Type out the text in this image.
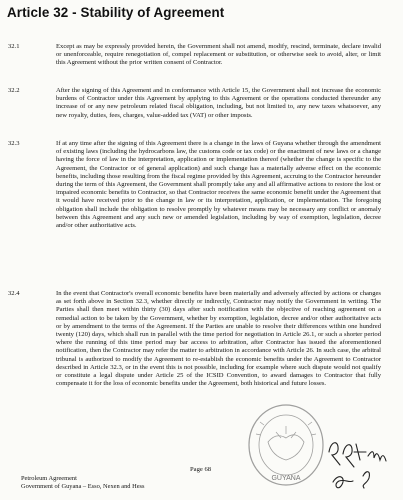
Article 32 - Stability of Agreement
32.1	Except as may be expressly provided herein, the Government shall not amend, modify, rescind, terminate, declare invalid or unenforceable, require renegotiation of, compel replacement or substitution, or otherwise seek to avoid, alter, or limit this Agreement without the prior written consent of Contractor.

32.2	After the signing of this Agreement and in conformance with Article 15, the Government shall not increase the economic burdens of Contractor under this Agreement by applying to this Agreement or the operations conducted thereunder any increase of or any new petroleum related fiscal obligation, including, but not limited to, any new taxes whatsoever, any new royalty, duties, fees, charges, value-added tax (VAT) or other imposts.

32.3	If at any time after the signing of this Agreement there is a change in the laws of Guyana whether through the amendment of existing laws (including the hydrocarbons law, the customs code or tax code) or the enactment of new laws or a change having the force of law in the interpretation, application or implementation thereof (whether the change is specific to the Agreement, the Contractor or of general application) and such change has a materially adverse effect on the economic benefits, including those resulting from the fiscal regime provided by this Agreement, accruing to the Contractor hereunder during the term of this Agreement, the Government shall promptly take any and all affirmative actions to restore the lost or impaired economic benefits to Contractor, so that Contractor receives the same economic benefit under the Agreement that it would have received prior to the change in law or its interpretation, application, or implementation. The foregoing obligation shall include the obligation to resolve promptly by whatever means may be necessary any conflict or anomaly between this Agreement and any such new or amended legislation, including by way of exemption, legislation, decree and/or other authoritative acts.

32.4	In the event that Contractor's overall economic benefits have been materially and adversely affected by actions or changes as set forth above in Section 32.3, whether directly or indirectly, Contractor may notify the Government in writing. The Parties shall then meet within thirty (30) days after such notification with the objective of reaching agreement on a remedial action to be taken by the Government, whether by exemption, legislation, decree and/or other authoritative acts or by amendment to the terms of the Agreement. If the Parties are unable to resolve their differences within one hundred twenty (120) days, which shall run in parallel with the time period for negotiation in Article 26.1, or such a shorter period where the running of this time period may bar access to arbitration, after Contractor has issued the aforementioned notification, then the Contractor may refer the matter to arbitration in accordance with Article 26. In such case, the arbitral tribunal is authorized to modify the Agreement to re-establish the economic benefits under the Agreement to Contractor described in Article 32.3, or in the event this is not possible, including for example where such dispute would not qualify or constitute a legal dispute under Article 25 of the ICSID Convention, to award damages to Contractor that fully compensate it for the loss of economic benefits under the Agreement, both historical and future losses.

Page 68
Petroleum Agreement
Government of Guyana – Esso, Nexen and Hess
GUYANA
